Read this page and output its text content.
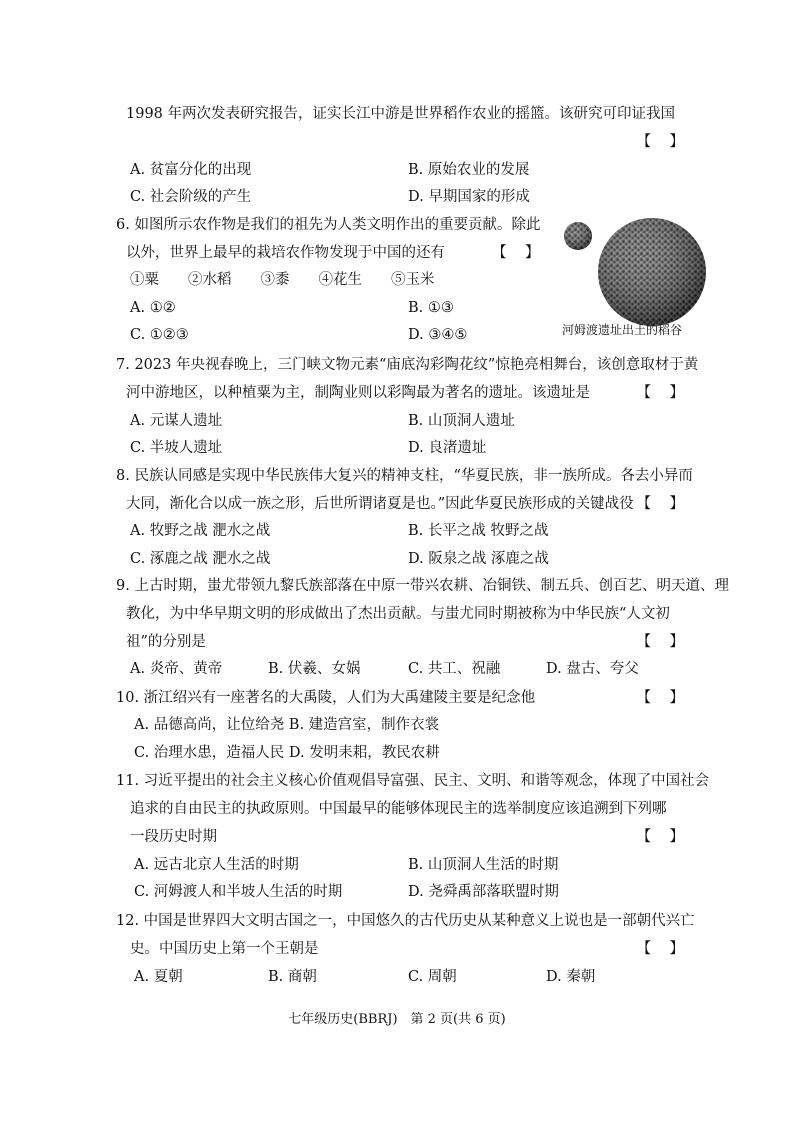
1998 年两次发表研究报告，证实长江中游是世界稻作农业的摇篮。该研究可印证我国
【　】
A. 贫富分化的出现	B. 原始农业的发展
C. 社会阶级的产生	D. 早期国家的形成
6. 如图所示农作物是我们的祖先为人类文明作出的重要贡献。除此
以外，世界上最早的栽培农作物发现于中国的还有	【　】
①粟　　②水稻　　③黍　　④花生　　⑤玉米
A. ①②	B. ①③
C. ①②③	D. ③④⑤	河姆渡遗址出土的稻谷
7. 2023 年央视春晚上，三门峡文物元素“庙底沟彩陶花纹”惊艳亮相舞台，该创意取材于黄
河中游地区，以种植粟为主，制陶业则以彩陶最为著名的遗址。该遗址是	【　】
A. 元谋人遗址	B. 山顶洞人遗址
C. 半坡人遗址	D. 良渚遗址
8. 民族认同感是实现中华民族伟大复兴的精神支柱，“华夏民族，非一族所成。各去小异而
大同，渐化合以成一族之形，后世所谓诸夏是也。”因此华夏民族形成的关键战役 【　】
A. 牧野之战 淝水之战	B. 长平之战 牧野之战
C. 涿鹿之战 淝水之战	D. 阪泉之战 涿鹿之战
9. 上古时期，蚩尤带领九黎氏族部落在中原一带兴农耕、冶铜铁、制五兵、创百艺、明天道、理
教化，为中华早期文明的形成做出了杰出贡献。与蚩尤同时期被称为中华民族“人文初
祖”的分别是	【　】
A. 炎帝、黄帝	B. 伏羲、女娲	C. 共工、祝融	D. 盘古、夸父
10. 浙江绍兴有一座著名的大禹陵，人们为大禹建陵主要是纪念他	【　】
A. 品德高尚，让位给尧 B. 建造宫室，制作衣裳
C. 治理水患，造福人民 D. 发明耒耜，教民农耕
11. 习近平提出的社会主义核心价值观倡导富强、民主、文明、和谐等观念，体现了中国社会
追求的自由民主的执政原则。中国最早的能够体现民主的选举制度应该追溯到下列哪
一段历史时期	【　】
A. 远古北京人生活的时期	B. 山顶洞人生活的时期
C. 河姆渡人和半坡人生活的时期	D. 尧舜禹部落联盟时期
12. 中国是世界四大文明古国之一，中国悠久的古代历史从某种意义上说也是一部朝代兴亡
史。中国历史上第一个王朝是	【　】
A. 夏朝	B. 商朝	C. 周朝	D. 秦朝
七年级历史(BBRJ)　第 2 页(共 6 页)
